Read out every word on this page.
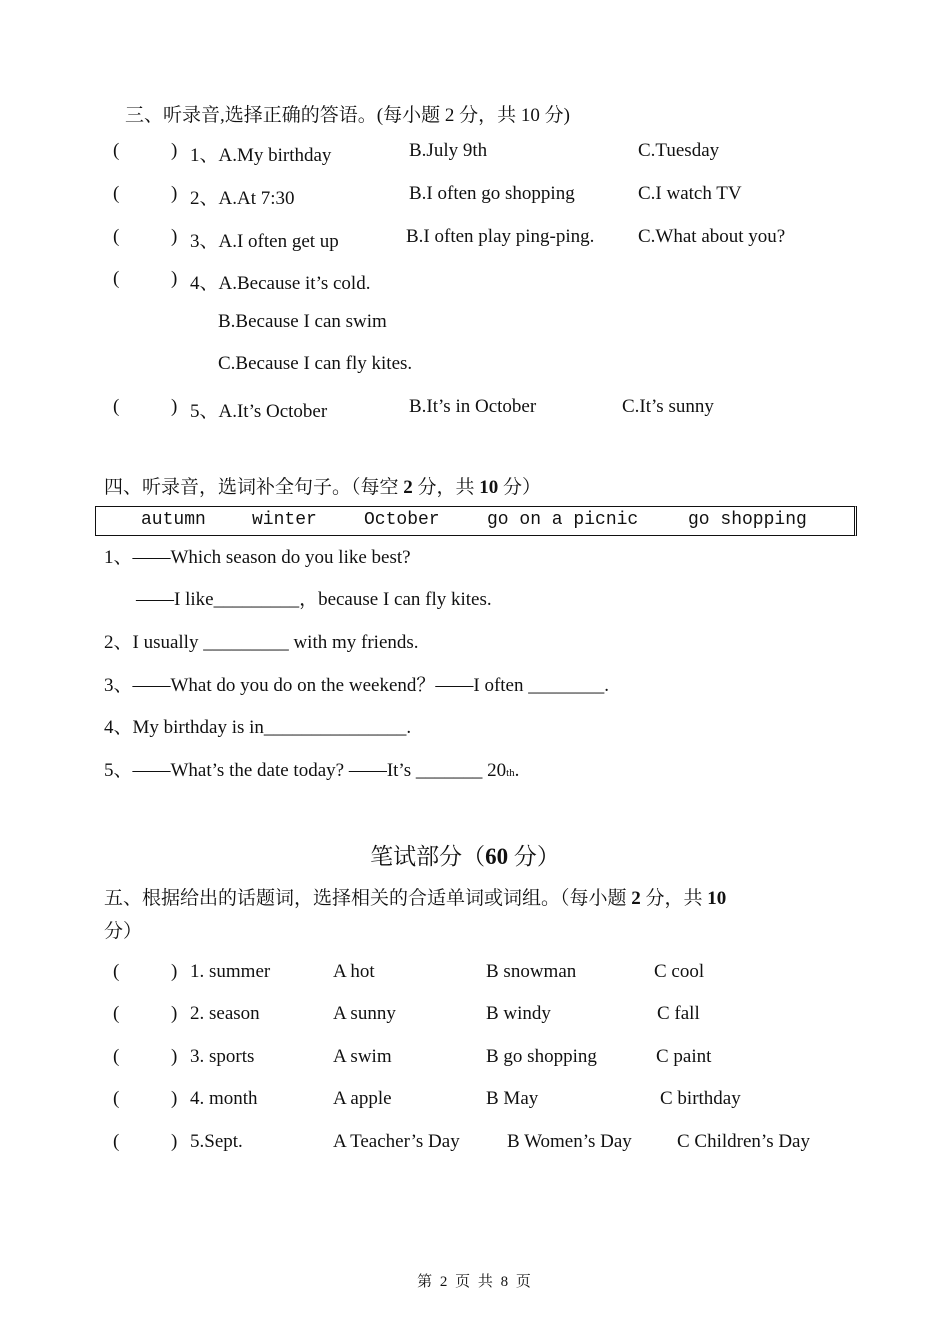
三、听录音,选择正确的答语。(每小题 2 分，共 10 分)
(	) 1、A.My birthday	B.July 9th	C.Tuesday
(	) 2、A.At 7:30	B.I often go shopping	C.I watch TV
(	) 3、A.I often get up	B.I often play ping-ping. C.What about you?
(	) 4、A.Because it’s cold.
B.Because I can swim
C.Because I can fly kites.
(	) 5、A.It’s October	B.It’s in October	C.It’s sunny
四、听录音，选词补全句子。（每空 2 分，共 10 分）
autumn	winter	October	go on a picnic	go shopping
1、——Which season do you like best?
——I like_________，because I can fly kites.
2、I usually _________ with my friends.
3、——What do you do on the weekend？——I often ________.
4、My birthday is in_______________.
5、——What’s the date today? ——It’s _______ 20th.
笔试部分（60 分）
五、根据给出的话题词，选择相关的合适单词或词组。（每小题 2 分，共 10
分）
(	) 1. summer	A hot	B snowman	C cool
(	) 2. season	A sunny	B windy	C fall
(	) 3. sports	A swim	B go shopping	C paint
(	) 4. month	A apple	B May	C birthday
(	) 5.Sept.	A Teacher’s Day B Women’s Day C Children’s Day
第 2 页 共 8 页
